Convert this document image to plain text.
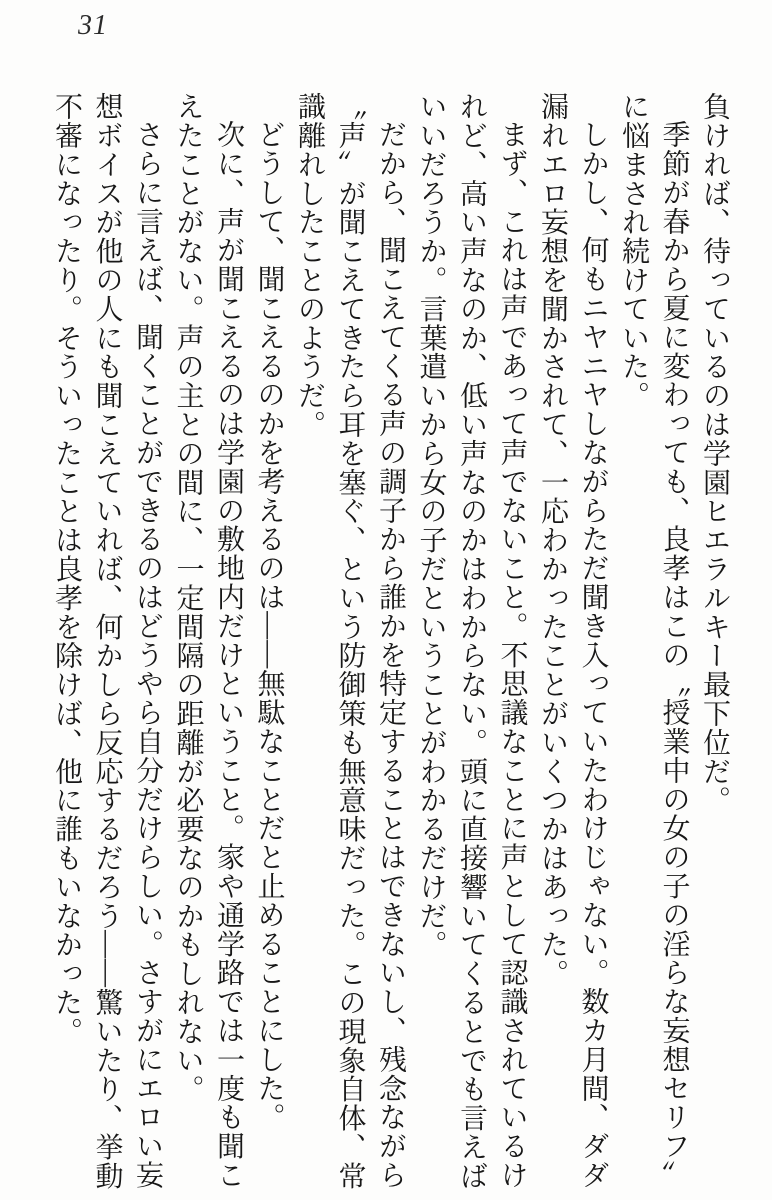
31

負ければ、待っているのは学園ヒエラルキー最下位だ。

季節が春から夏に変わっても、良孝はこの〝授業中の女の子の淫らな妄想セリフ〟に悩まされ続けていた。

しかし、何もニヤニヤしながらただ聞き入っていたわけじゃない。数カ月間、ダダ漏れエロ妄想を聞かされて、一応わかったことがいくつかはあった。

まず、これは声であって声でないこと。不思議なことに声として認識されているけれど、高い声なのか、低い声なのかはわからない。頭に直接響いてくるとでも言えばいいだろうか。言葉遣いから女の子だということがわかるだけだ。

だから、聞こえてくる声の調子から誰かを特定することはできないし、残念ながら〝声〟が聞こえてきたら耳を塞ぐ、という防御策も無意味だった。この現象自体、常識離れしたことのようだ。

どうして、聞こえるのかを考えるのは――無駄なことだと止めることにした。

次に、声が聞こえるのは学園の敷地内だけということ。家や通学路では一度も聞こえたことがない。声の主との間に、一定間隔の距離が必要なのかもしれない。

さらに言えば、聞くことができるのはどうやら自分だけらしい。さすがにエロい妄想ボイスが他の人にも聞こえていれば、何かしら反応するだろう――驚いたり、挙動不審になったり。そういったことは良孝を除けば、他に誰もいなかった。
